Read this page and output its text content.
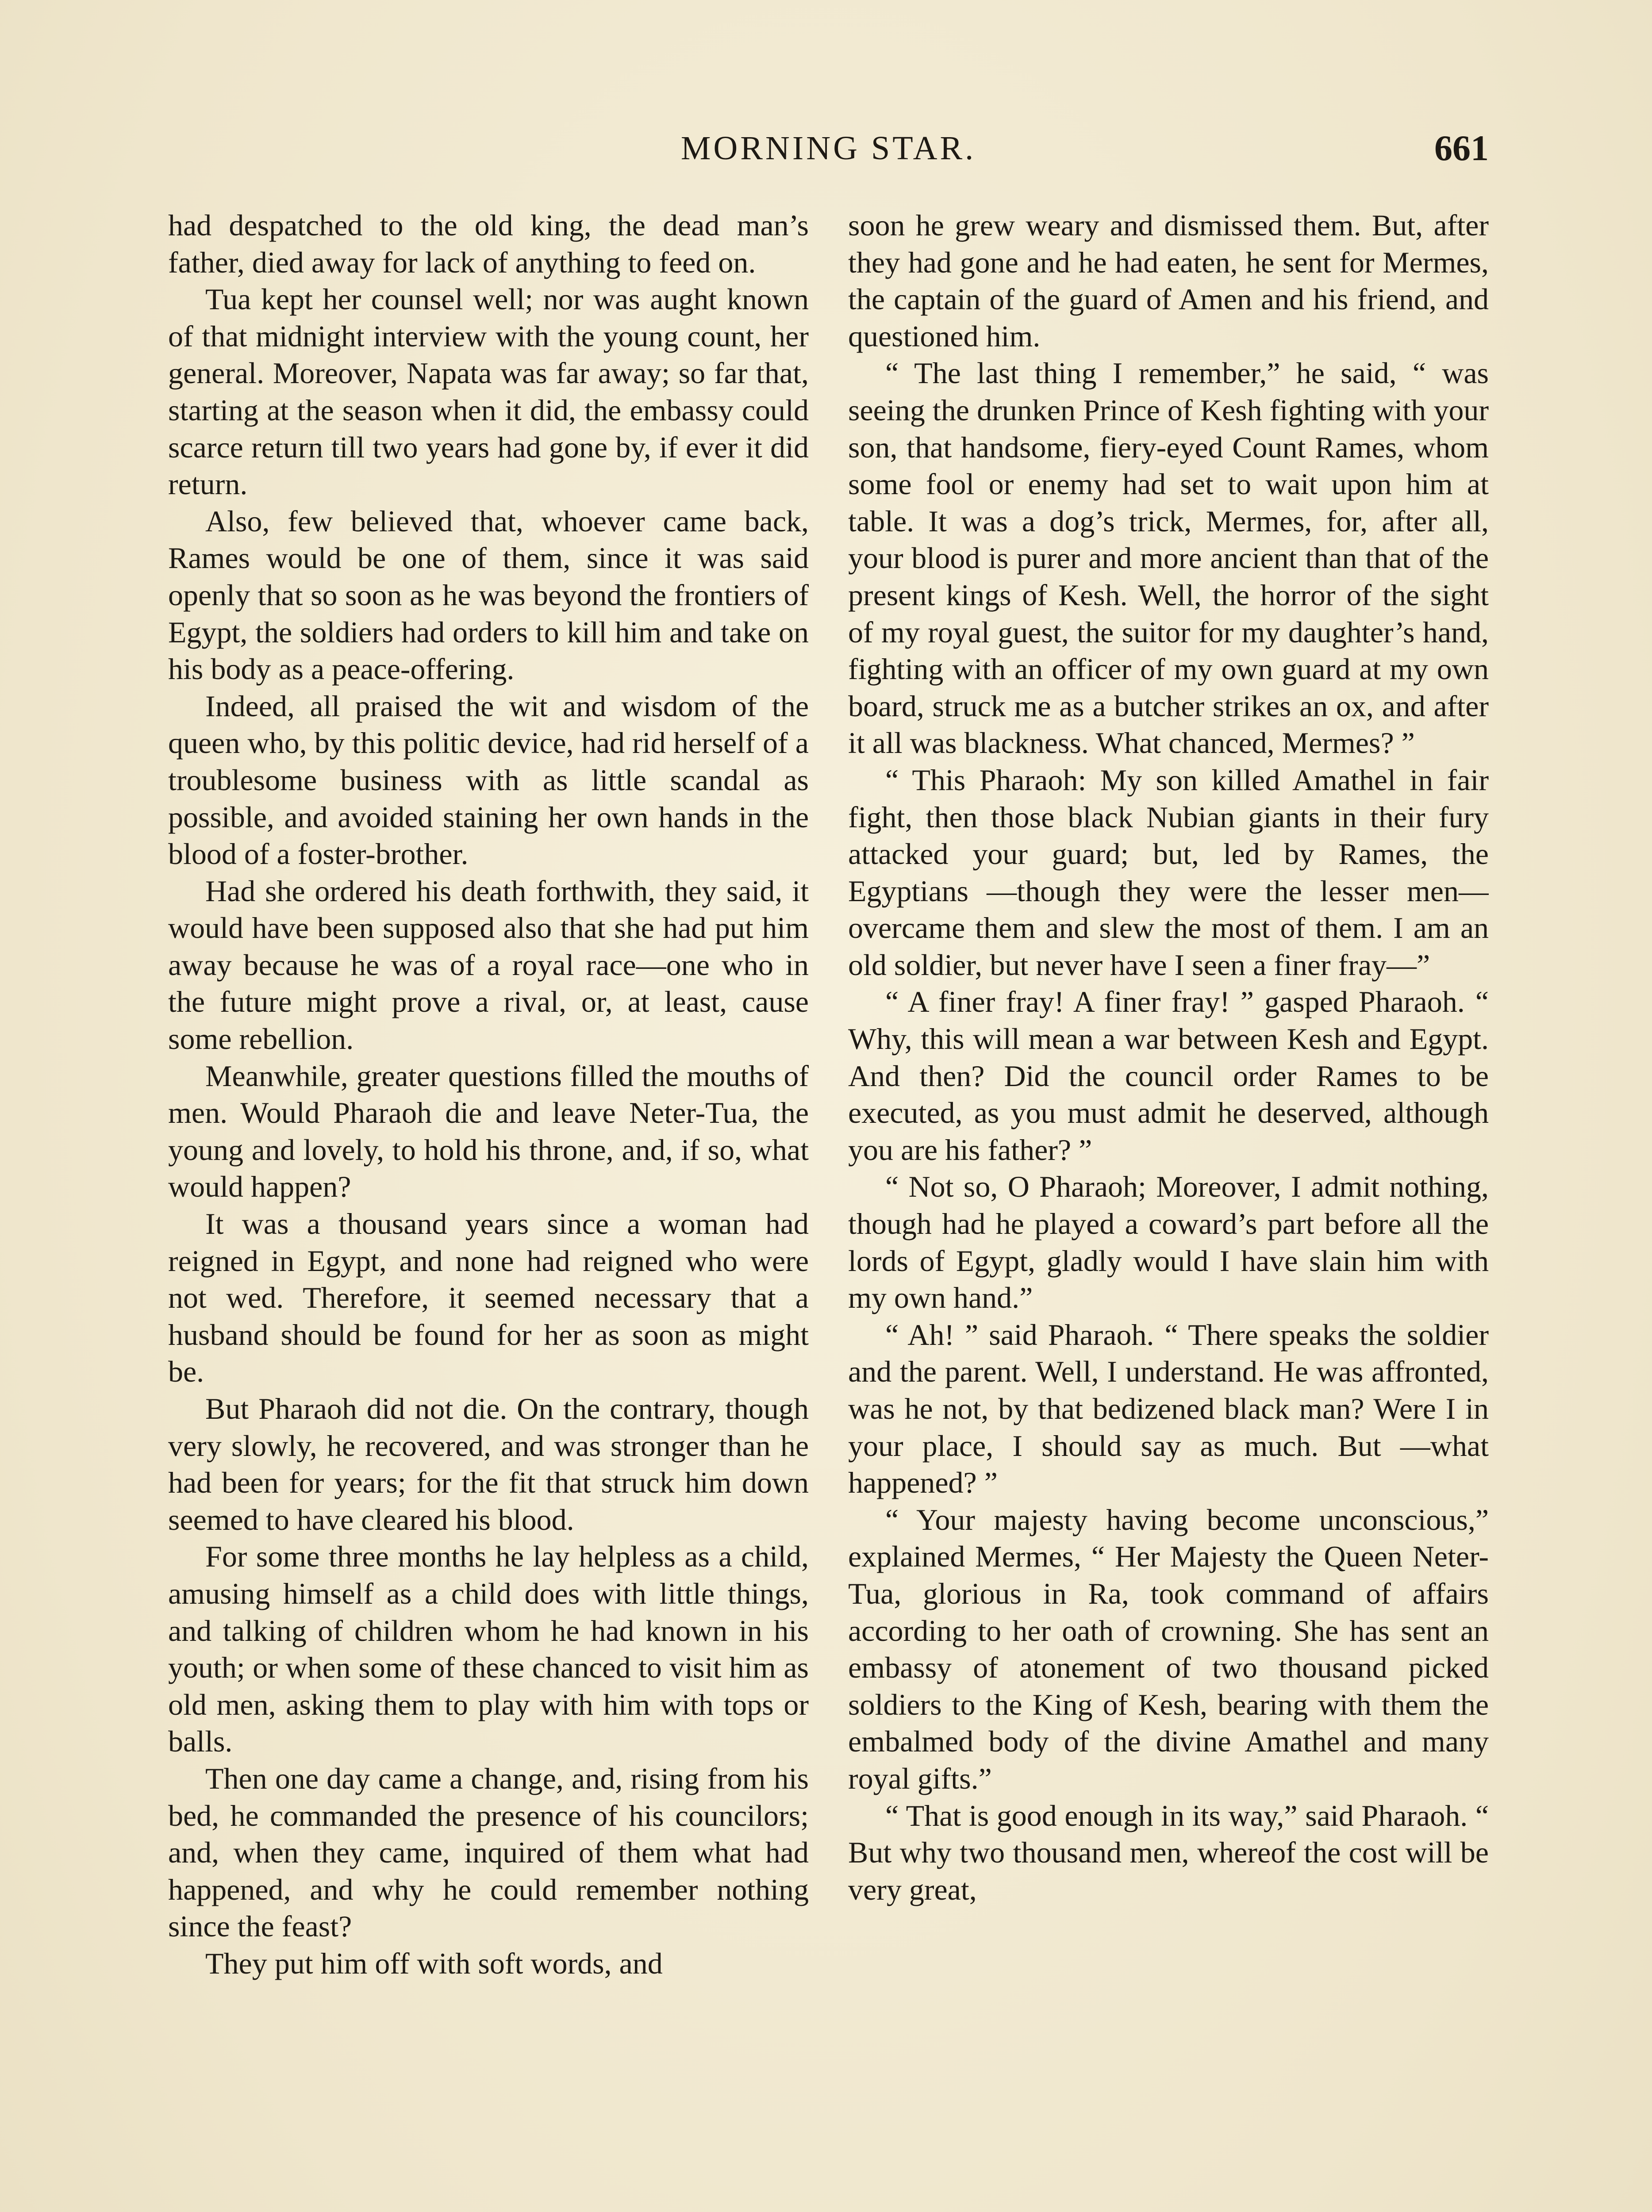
MORNING STAR.	661

had despatched to the old king, the dead man’s father, died away for lack of anything to feed on.

Tua kept her counsel well; nor was aught known of that midnight interview with the young count, her general. Moreover, Napata was far away; so far that, starting at the season when it did, the embassy could scarce return till two years had gone by, if ever it did return.

Also, few believed that, whoever came back, Rames would be one of them, since it was said openly that so soon as he was beyond the frontiers of Egypt, the soldiers had orders to kill him and take on his body as a peace-offering.

Indeed, all praised the wit and wisdom of the queen who, by this politic device, had rid herself of a troublesome business with as little scandal as possible, and avoided staining her own hands in the blood of a foster-brother.

Had she ordered his death forthwith, they said, it would have been supposed also that she had put him away because he was of a royal race—one who in the future might prove a rival, or, at least, cause some rebellion.

Meanwhile, greater questions filled the mouths of men. Would Pharaoh die and leave Neter-Tua, the young and lovely, to hold his throne, and, if so, what would happen?

It was a thousand years since a woman had reigned in Egypt, and none had reigned who were not wed. Therefore, it seemed necessary that a husband should be found for her as soon as might be.

But Pharaoh did not die. On the contrary, though very slowly, he recovered, and was stronger than he had been for years; for the fit that struck him down seemed to have cleared his blood.

For some three months he lay helpless as a child, amusing himself as a child does with little things, and talking of children whom he had known in his youth; or when some of these chanced to visit him as old men, asking them to play with him with tops or balls.

Then one day came a change, and, rising from his bed, he commanded the presence of his councilors; and, when they came, inquired of them what had happened, and why he could remember nothing since the feast?

They put him off with soft words, and

soon he grew weary and dismissed them. But, after they had gone and he had eaten, he sent for Mermes, the captain of the guard of Amen and his friend, and questioned him.

“ The last thing I remember,” he said, “ was seeing the drunken Prince of Kesh fighting with your son, that handsome, fiery-eyed Count Rames, whom some fool or enemy had set to wait upon him at table. It was a dog’s trick, Mermes, for, after all, your blood is purer and more ancient than that of the present kings of Kesh. Well, the horror of the sight of my royal guest, the suitor for my daughter’s hand, fighting with an officer of my own guard at my own board, struck me as a butcher strikes an ox, and after it all was blackness. What chanced, Mermes? ”

“ This Pharaoh: My son killed Amathel in fair fight, then those black Nubian giants in their fury attacked your guard; but, led by Rames, the Egyptians —though they were the lesser men—overcame them and slew the most of them. I am an old soldier, but never have I seen a finer fray—”

“ A finer fray! A finer fray! ” gasped Pharaoh. “ Why, this will mean a war between Kesh and Egypt. And then? Did the council order Rames to be executed, as you must admit he deserved, although you are his father? ”

“ Not so, O Pharaoh; Moreover, I admit nothing, though had he played a coward’s part before all the lords of Egypt, gladly would I have slain him with my own hand.”

“ Ah! ” said Pharaoh. “ There speaks the soldier and the parent. Well, I understand. He was affronted, was he not, by that bedizened black man? Were I in your place, I should say as much. But —what happened? ”

“ Your majesty having become unconscious,” explained Mermes, “ Her Majesty the Queen Neter-Tua, glorious in Ra, took command of affairs according to her oath of crowning. She has sent an embassy of atonement of two thousand picked soldiers to the King of Kesh, bearing with them the embalmed body of the divine Amathel and many royal gifts.”

“ That is good enough in its way,” said Pharaoh. “ But why two thousand men, whereof the cost will be very great,
